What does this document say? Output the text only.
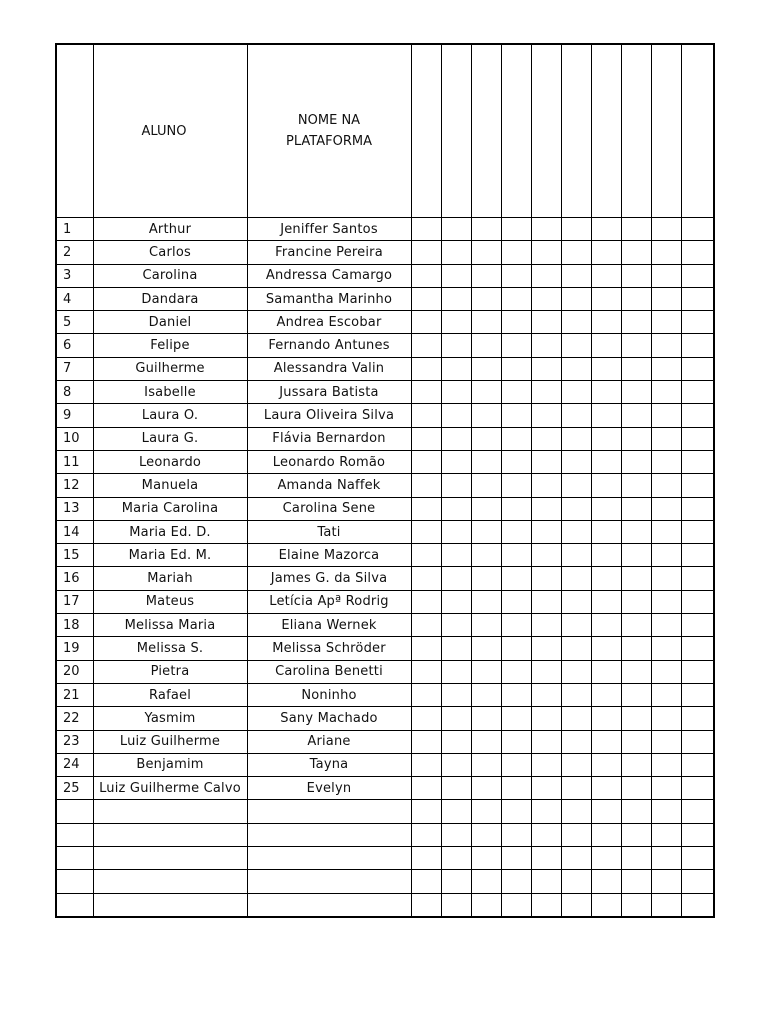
	ALUNO	NOME NA
PLATAFORMA										
1	Arthur	Jeniffer Santos										
2	Carlos	Francine Pereira										
3	Carolina	Andressa Camargo										
4	Dandara	Samantha Marinho										
5	Daniel	Andrea Escobar										
6	Felipe	Fernando Antunes										
7	Guilherme	Alessandra Valin										
8	Isabelle	Jussara Batista										
9	Laura O.	Laura Oliveira Silva										
10	Laura G.	Flávia Bernardon										
11	Leonardo	Leonardo Romão										
12	Manuela	Amanda Naffek										
13	Maria Carolina	Carolina Sene										
14	Maria Ed. D.	Tati										
15	Maria Ed. M.	Elaine Mazorca										
16	Mariah	James G. da Silva										
17	Mateus	Letícia Apª Rodrig										
18	Melissa Maria	Eliana Wernek										
19	Melissa S.	Melissa Schröder										
20	Pietra	Carolina Benetti										
21	Rafael	Noninho										
22	Yasmim	Sany Machado										
23	Luiz Guilherme	Ariane										
24	Benjamim	Tayna										
25	Luiz Guilherme Calvo	Evelyn										
